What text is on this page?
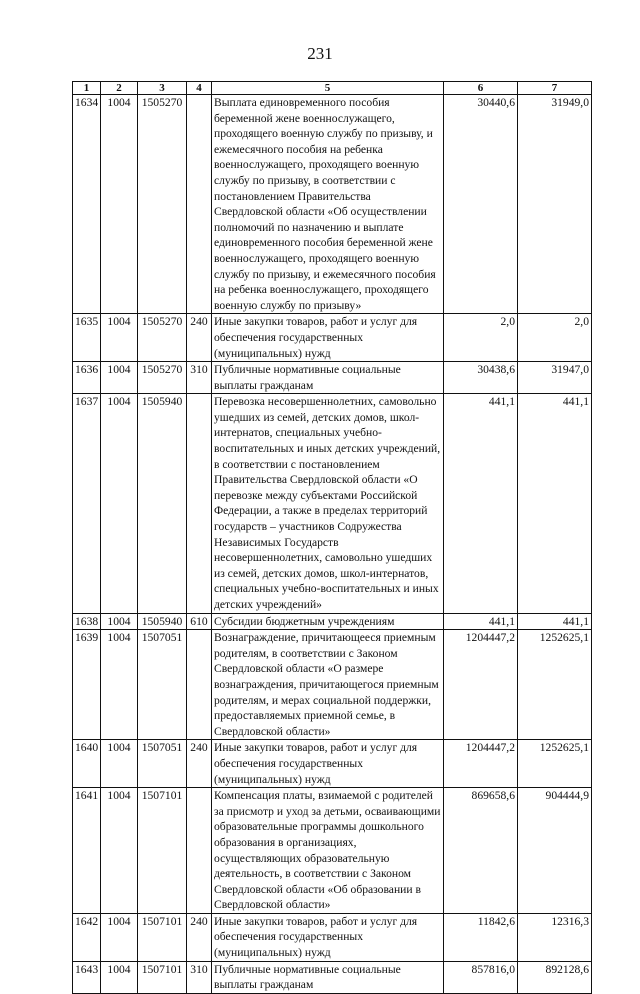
231
1	2	3	4	5	6	7
1634	1004	1505270		Выплата единовременного пособия беременной жене военнослужащего, проходящего военную службу по призыву, и ежемесячного пособия на ребенка военнослужащего, проходящего военную службу по призыву, в соответствии с постановлением Правительства Свердловской области «Об осуществлении полномочий по назначению и выплате единовременного пособия беременной жене военнослужащего, проходящего военную службу по призыву, и ежемесячного пособия на ребенка военнослужащего, проходящего военную службу по призыву»	30440,6	31949,0
1635	1004	1505270	240	Иные закупки товаров, работ и услуг для обеспечения государственных (муниципальных) нужд	2,0	2,0
1636	1004	1505270	310	Публичные нормативные социальные выплаты гражданам	30438,6	31947,0
1637	1004	1505940		Перевозка несовершеннолетних, самовольно ушедших из семей, детских домов, школ-интернатов, специальных учебно-воспитательных и иных детских учреждений, в соответствии с постановлением Правительства Свердловской области «О перевозке между субъектами Российской Федерации, а также в пределах территорий государств – участников Содружества Независимых Государств несовершеннолетних, самовольно ушедших из семей, детских домов, школ-интернатов, специальных учебно-воспитательных и иных детских учреждений»	441,1	441,1
1638	1004	1505940	610	Субсидии бюджетным учреждениям	441,1	441,1
1639	1004	1507051		Вознаграждение, причитающееся приемным родителям, в соответствии с Законом Свердловской области «О размере вознаграждения, причитающегося приемным родителям, и мерах социальной поддержки, предоставляемых приемной семье, в Свердловской области»	1204447,2	1252625,1
1640	1004	1507051	240	Иные закупки товаров, работ и услуг для обеспечения государственных (муниципальных) нужд	1204447,2	1252625,1
1641	1004	1507101		Компенсация платы, взимаемой с родителей за присмотр и уход за детьми, осваивающими образовательные программы дошкольного образования в организациях, осуществляющих образовательную деятельность, в соответствии с Законом Свердловской области «Об образовании в Свердловской области»	869658,6	904444,9
1642	1004	1507101	240	Иные закупки товаров, работ и услуг для обеспечения государственных (муниципальных) нужд	11842,6	12316,3
1643	1004	1507101	310	Публичные нормативные социальные выплаты гражданам	857816,0	892128,6
